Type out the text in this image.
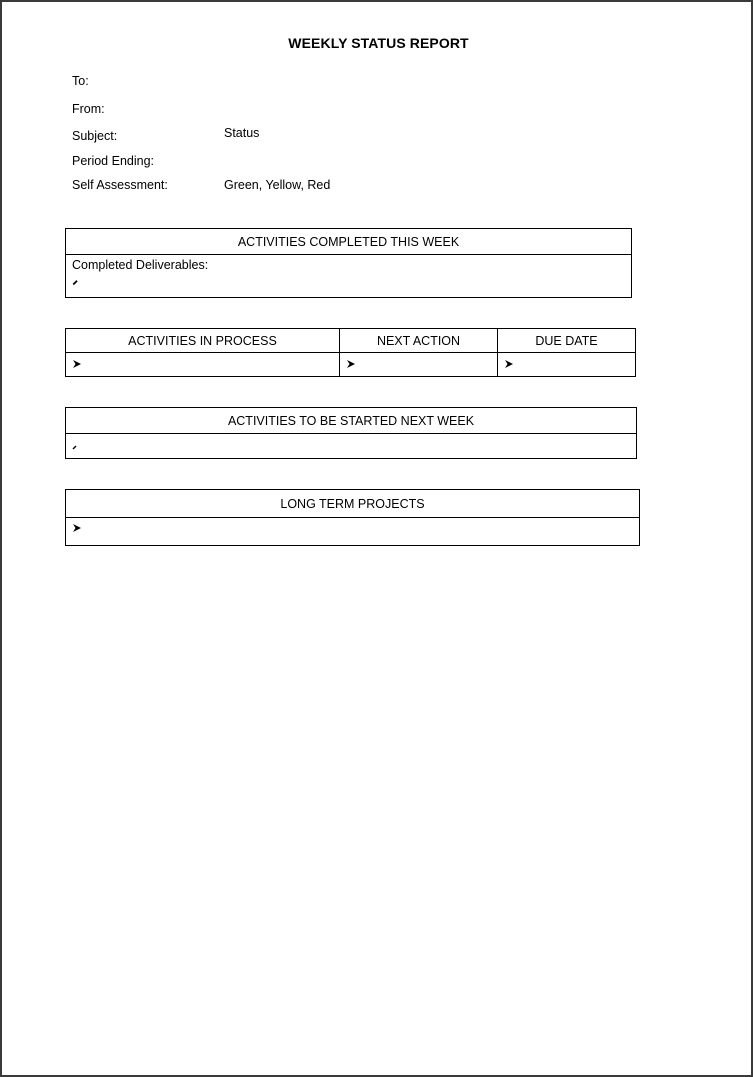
WEEKLY STATUS REPORT
To:
From:
Subject:	Status
Period Ending:
Self Assessment:	Green, Yellow, Red
ACTIVITIES COMPLETED THIS WEEK

Completed Deliverables:
ACTIVITIES IN PROCESS	NEXT ACTION	DUE DATE

ACTIVITIES TO BE STARTED NEXT WEEK

LONG TERM PROJECTS
